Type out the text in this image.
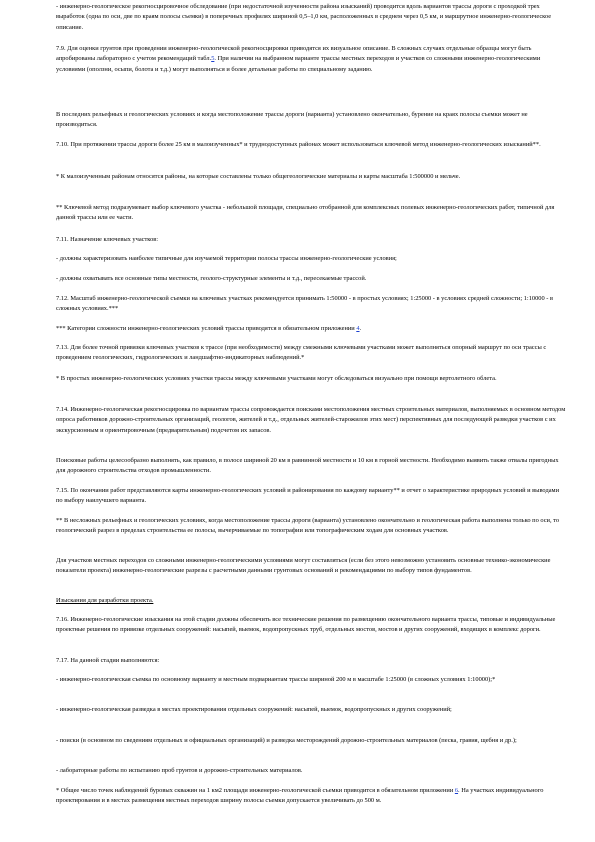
- инженерно-геологическое рекогносцировочное обследование (при недостаточной изученности района изысканий) проводится вдоль вариантов трассы дороги с проходкой трех выработок (одна по оси, две по краям полосы съемки) в поперечных профилях шириной 0,5–1,0 км, расположенных в среднем через 0,5 км, и маршрутное инженерно-геологическое описание.

7.9. Для оценки грунтов при проведении инженерно-геологической рекогносцировки приводятся их визуальное описание. В сложных случаях отдельные образцы могут быть апробированы лабораторно с учетом рекомендаций табл.5. При наличии на выбранном варианте трассы местных переходов и участков со сложными инженерно-геологическими условиями (оползни, осыпи, болота и т.д.) могут выполняться и более детальные работы по специальному заданию.

В последних рельефных и геологических условиях и когда местоположение трассы дороги (варианта) установлено окончательно, бурение на краях полосы съемки может не производиться.

7.10. При протяжении трассы дороги более 25 км в малоизученных* и труднодоступных районах может использоваться ключевой метод инженерно-геологических изысканий**.

* К малоизученным районам относятся районы, на которые составлены только общегеологические материалы и карты масштаба 1:500000 и мельче.

** Ключевой метод подразумевает выбор ключевого участка - небольшой площади, специально отобранной для комплексных полевых инженерно-геологических работ, типичной для данной трассы или ее части.

7.11. Назначение ключевых участков:

- должны характеризовать наиболее типичные для изучаемой территории полосы трассы инженерно-геологические условия;

- должны охватывать все основные типы местности, геолого-структурные элементы и т.д., пересекаемые трассой.

7.12. Масштаб инженерно-геологической съемки на ключевых участках рекомендуется принимать 1:50000 - в простых условиях; 1:25000 - в условиях средней сложности; 1:10000 - в сложных условиях.***

*** Категории сложности инженерно-геологических условий трассы приводятся в обязательном приложении 4.

7.13. Для более точной привязки ключевых участков к трассе (при необходимости) между смежными ключевыми участками может выполняться опорный маршрут по оси трассы с проведением геологических, гидрологических и ландшафтно-индикаторных наблюдений.*

* В простых инженерно-геологических условиях участки трассы между ключевыми участками могут обследоваться визуально при помощи вертолетного облета.

7.14. Инженерно-геологическая рекогносцировка по вариантам трассы сопровождается поисками местоположения местных строительных материалов, выполняемых в основном методом опроса работников дорожно-строительных организаций, геологов, жителей и т.д., отдельных жителей-старожилов этих мест) перспективных для последующей разведки участков с их экскурсионным и ориентировочным (предварительным) подсчетом их запасов.

Поисковые работы целесообразно выполнять, как правило, в полосе шириной 20 км в равнинной местности и 10 км в горной местности. Необходимо выявить также отвалы пригодных для дорожного строительства отходов промышленности.

7.15. По окончании работ представляются карты инженерно-геологических условий и районирования по каждому варианту** и отчет о характеристике природных условий и выводами по выбору наилучшего варианта.

** В несложных рельефных и геологических условиях, когда местоположение трассы дороги (варианта) установлено окончательно и геологическая работа выполнена только по оси, то геологический разрез в пределах строительства ее полосы, вычерчиваемые по топографии или топографическим ходам для основных участков.

Для участков местных переходов со сложными инженерно-геологическими условиями могут составляться (если без этого невозможно установить основные технико-экономические показатели проекта) инженерно-геологические разрезы с расчетными данными грунтовых оснований и рекомендациями по выбору типов фундаментов.

Изыскания для разработки проекта.

7.16. Инженерно-геологические изыскания на этой стадии должны обеспечить все технические решения по размещению окончательного варианта трассы, типовые и индивидуальные проектные решения по привязке отдельных сооружений: насыпей, выемок, водопропускных труб, отдельных мостов, мостов и других сооружений, входящих в комплекс дороги.

7.17. На данной стадии выполняются:

- инженерно-геологическая съемка по основному варианту и местным подвариантам трассы шириной 200 м в масштабе 1:25000 (в сложных условиях 1:10000);*

- инженерно-геологическая разведка в местах проектирования отдельных сооружений: насыпей, выемок, водопропускных и других сооружений;

- поиски (в основном по сведениям отдельных и официальных организаций) и разведка месторождений дорожно-строительных материалов (песка, гравия, щебня и др.);

- лабораторные работы по испытанию проб грунтов и дорожно-строительных материалов.

* Общее число точек наблюдений буровых скважин на 1 км2 площади инженерно-геологической съемки приводится в обязательном приложении 6. На участках индивидуального проектирования и в местах размещения местных переходов ширину полосы съемки допускается увеличивать до 500 м.
